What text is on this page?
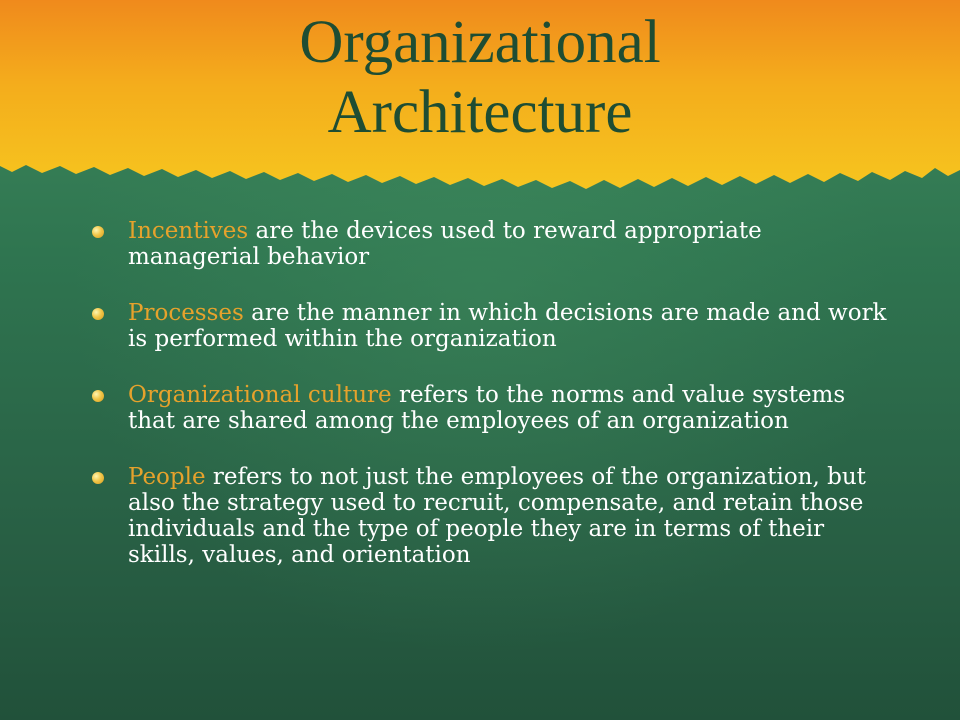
Organizational
Architecture
Incentives are the devices used to reward appropriate managerial behavior
Processes are the manner in which decisions are made and work is performed within the organization
Organizational culture refers to the norms and value systems that are shared among the employees of an organization
People refers to not just the employees of the organization, but also the strategy used to recruit, compensate, and retain those individuals and the type of people they are in terms of their skills, values, and orientation
